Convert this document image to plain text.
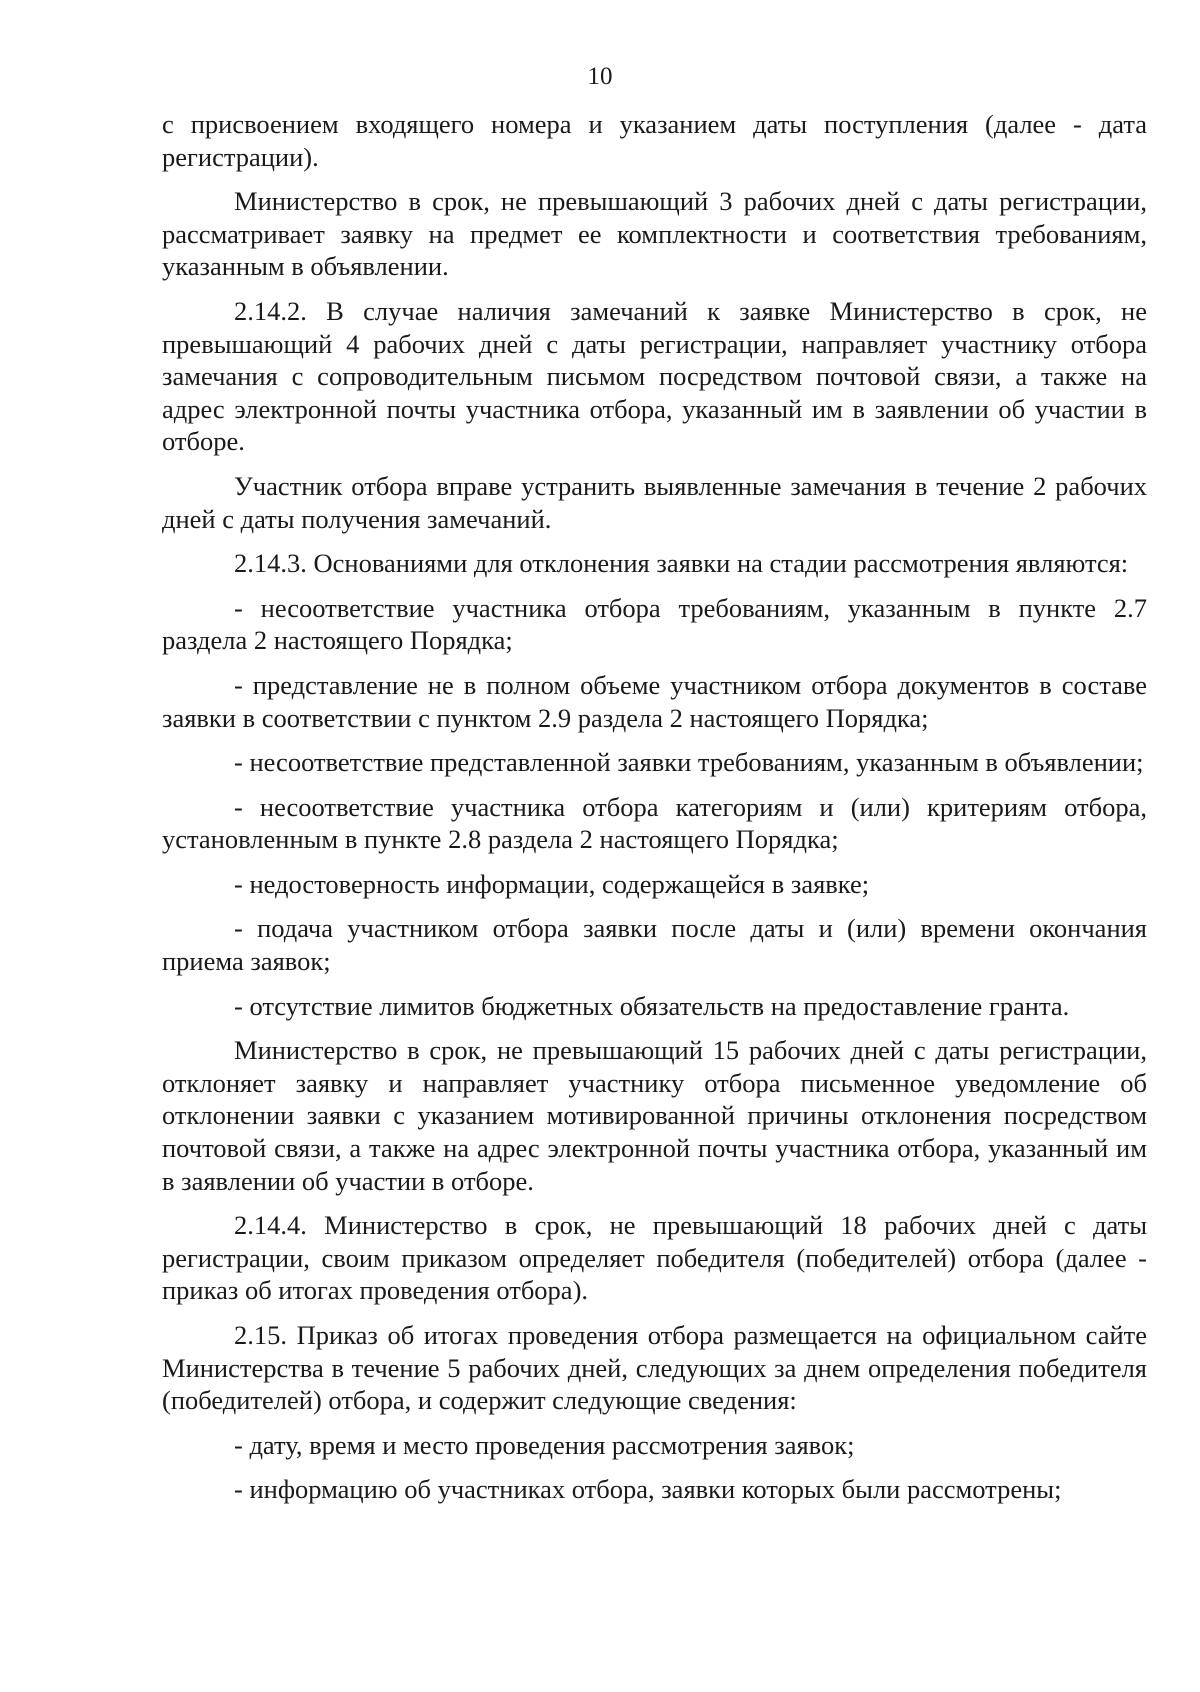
10

с присвоением входящего номера и указанием даты поступления (далее - дата регистрации).

Министерство в срок, не превышающий 3 рабочих дней с даты регистрации, рассматривает заявку на предмет ее комплектности и соответствия требованиям, указанным в объявлении.

2.14.2. В случае наличия замечаний к заявке Министерство в срок, не превышающий 4 рабочих дней с даты регистрации, направляет участнику отбора замечания с сопроводительным письмом посредством почтовой связи, а также на адрес электронной почты участника отбора, указанный им в заявлении об участии в отборе.

Участник отбора вправе устранить выявленные замечания в течение 2 рабочих дней с даты получения замечаний.

2.14.3. Основаниями для отклонения заявки на стадии рассмотрения являются:

- несоответствие участника отбора требованиям, указанным в пункте 2.7 раздела 2 настоящего Порядка;

- представление не в полном объеме участником отбора документов в составе заявки в соответствии с пунктом 2.9 раздела 2 настоящего Порядка;

- несоответствие представленной заявки требованиям, указанным в объявлении;

- несоответствие участника отбора категориям и (или) критериям отбора, установленным в пункте 2.8 раздела 2 настоящего Порядка;

- недостоверность информации, содержащейся в заявке;

- подача участником отбора заявки после даты и (или) времени окончания приема заявок;

- отсутствие лимитов бюджетных обязательств на предоставление гранта.

Министерство в срок, не превышающий 15 рабочих дней с даты регистрации, отклоняет заявку и направляет участнику отбора письменное уведомление об отклонении заявки с указанием мотивированной причины отклонения посредством почтовой связи, а также на адрес электронной почты участника отбора, указанный им в заявлении об участии в отборе.

2.14.4. Министерство в срок, не превышающий 18 рабочих дней с даты регистрации, своим приказом определяет победителя (победителей) отбора (далее - приказ об итогах проведения отбора).

2.15. Приказ об итогах проведения отбора размещается на официальном сайте Министерства в течение 5 рабочих дней, следующих за днем определения победителя (победителей) отбора, и содержит следующие сведения:

- дату, время и место проведения рассмотрения заявок;

- информацию об участниках отбора, заявки которых были рассмотрены;
